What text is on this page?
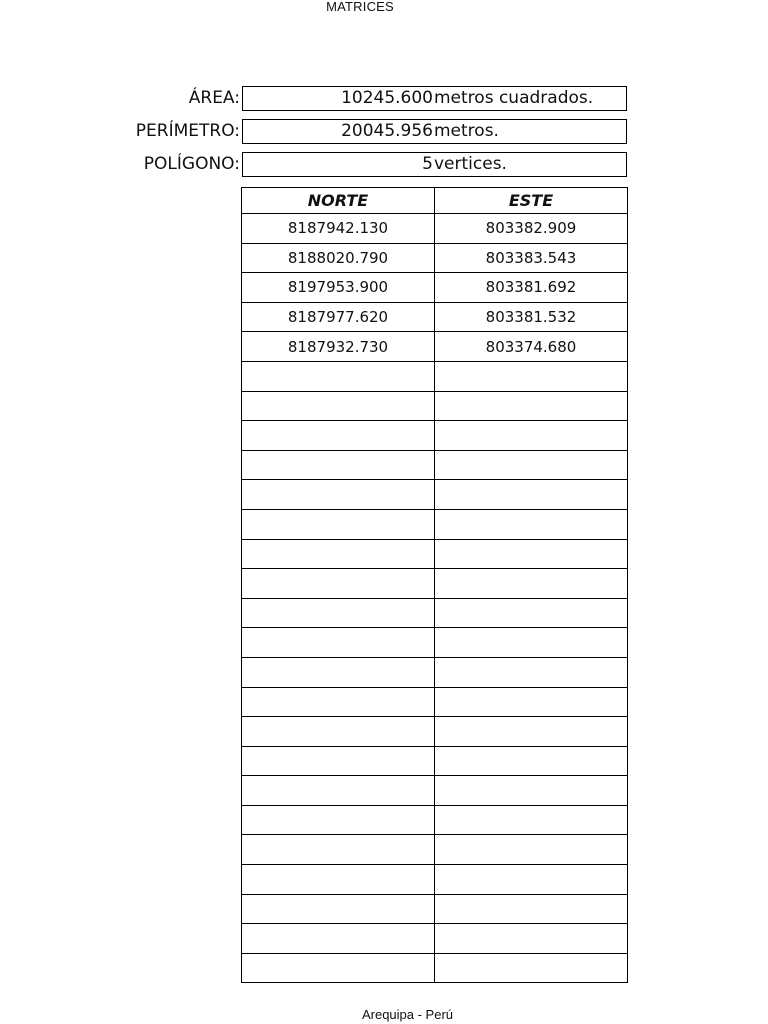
MATRICES
ÁREA:	10245.600 metros cuadrados.
PERÍMETRO:	20045.956 metros.
POLÍGONO:	5 vertices.
NORTE	ESTE
8187942.130	803382.909
8188020.790	803383.543
8197953.900	803381.692
8187977.620	803381.532
8187932.730	803374.680

Arequipa - Perú
